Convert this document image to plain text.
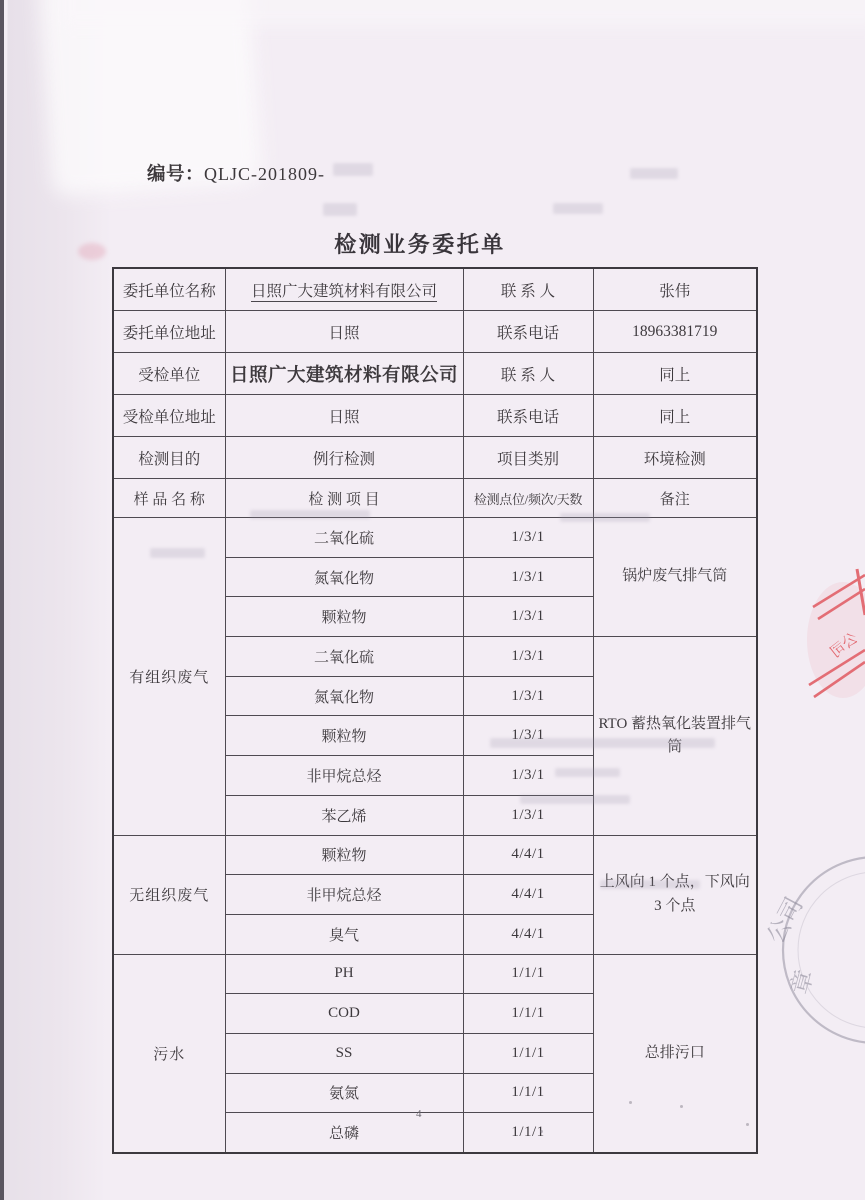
编号：QLJC-201809-
检测业务委托单
委托单位名称	日照广大建筑材料有限公司	联 系 人	张伟
委托单位地址	日照	联系电话	18963381719
受检单位	日照广大建筑材料有限公司	联 系 人	同上
受检单位地址	日照	联系电话	同上
检测目的	例行检测	项目类别	环境检测
样 品 名 称	检 测 项 目	检测点位/频次/天数	备注
有组织废气	二氧化硫	1/3/1	锅炉废气排气筒
	氮氧化物	1/3/1	
	颗粒物	1/3/1	
	二氧化硫	1/3/1	RTO 蓄热氧化装置排气筒
	氮氧化物	1/3/1	
	颗粒物	1/3/1	
	非甲烷总烃	1/3/1	
	苯乙烯	1/3/1	
无组织废气	颗粒物	4/4/1	上风向 1 个点，下风向 3 个点
	非甲烷总烃	4/4/1	
	臭气	4/4/1	
污水	PH	1/1/1	总排污口
	COD	1/1/1	
	SS	1/1/1	
	氨氮	1/1/1	
	总磷	1/1/1	
4
公司
公司
章
